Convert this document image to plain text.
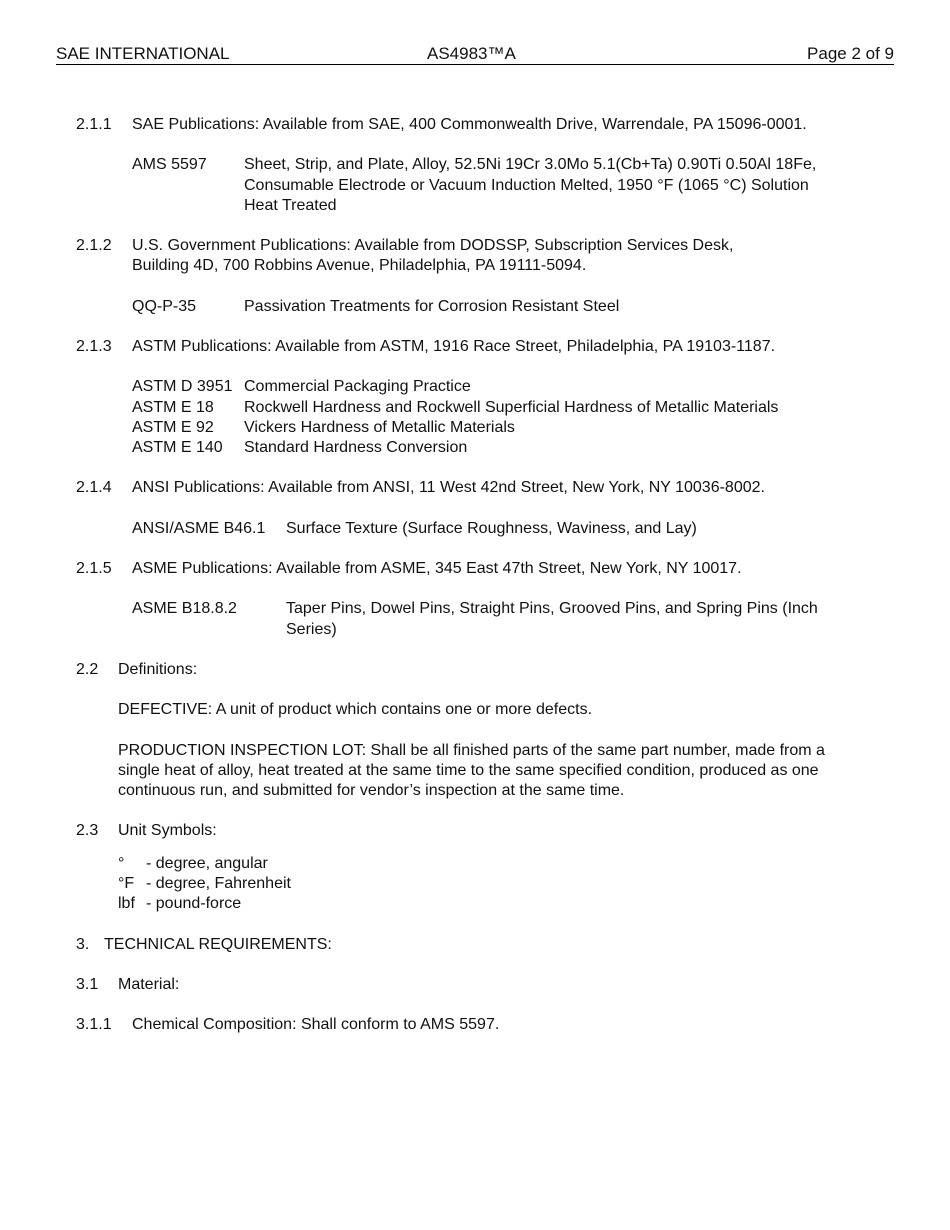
SAE INTERNATIONAL	AS4983™A	Page 2 of 9
2.1.1 SAE Publications: Available from SAE, 400 Commonwealth Drive, Warrendale, PA 15096-0001.
AMS 5597 Sheet, Strip, and Plate, Alloy, 52.5Ni 19Cr 3.0Mo 5.1(Cb+Ta) 0.90Ti 0.50Al 18Fe,
Consumable Electrode or Vacuum Induction Melted, 1950 °F (1065 °C) Solution
Heat Treated
2.1.2 U.S. Government Publications: Available from DODSSP, Subscription Services Desk,
Building 4D, 700 Robbins Avenue, Philadelphia, PA 19111-5094.
QQ-P-35	Passivation Treatments for Corrosion Resistant Steel
2.1.3 ASTM Publications: Available from ASTM, 1916 Race Street, Philadelphia, PA 19103-1187.
ASTM D 3951 Commercial Packaging Practice
ASTM E 18 Rockwell Hardness and Rockwell Superficial Hardness of Metallic Materials
ASTM E 92 Vickers Hardness of Metallic Materials
ASTM E 140 Standard Hardness Conversion
2.1.4 ANSI Publications: Available from ANSI, 11 West 42nd Street, New York, NY 10036-8002.
ANSI/ASME B46.1 Surface Texture (Surface Roughness, Waviness, and Lay)
2.1.5 ASME Publications: Available from ASME, 345 East 47th Street, New York, NY 10017.
ASME B18.8.2	Taper Pins, Dowel Pins, Straight Pins, Grooved Pins, and Spring Pins (Inch
Series)
2.2 Definitions:
DEFECTIVE: A unit of product which contains one or more defects.
PRODUCTION INSPECTION LOT: Shall be all finished parts of the same part number, made from a
single heat of alloy, heat treated at the same time to the same specified condition, produced as one
continuous run, and submitted for vendor’s inspection at the same time.
2.3 Unit Symbols:
° - degree, angular
°F - degree, Fahrenheit
lbf - pound-force
3. TECHNICAL REQUIREMENTS:
3.1 Material:
3.1.1 Chemical Composition: Shall conform to AMS 5597.
